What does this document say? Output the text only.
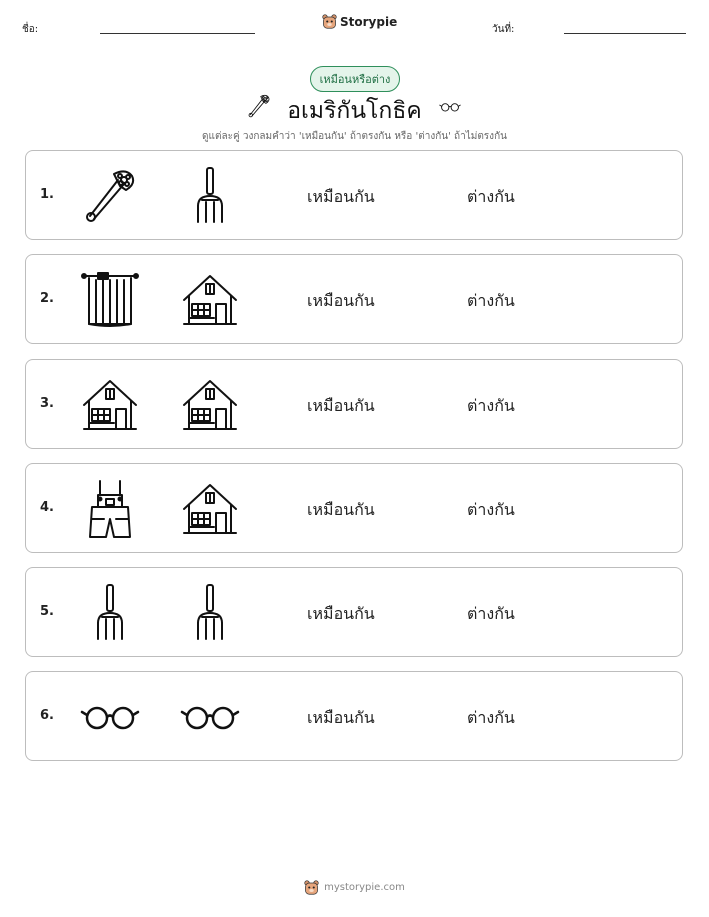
ชื่อ:
Storypie
วันที่:
เหมือนหรือต่าง
อเมริกันโกธิค
ดูแต่ละคู่ วงกลมคำว่า 'เหมือนกัน' ถ้าตรงกัน หรือ 'ต่างกัน' ถ้าไม่ตรงกัน
1.	เหมือนกัน	ต่างกัน
2.	เหมือนกัน	ต่างกัน
3.	เหมือนกัน	ต่างกัน
4.	เหมือนกัน	ต่างกัน
5.	เหมือนกัน	ต่างกัน
6.	เหมือนกัน	ต่างกัน
mystorypie.com
